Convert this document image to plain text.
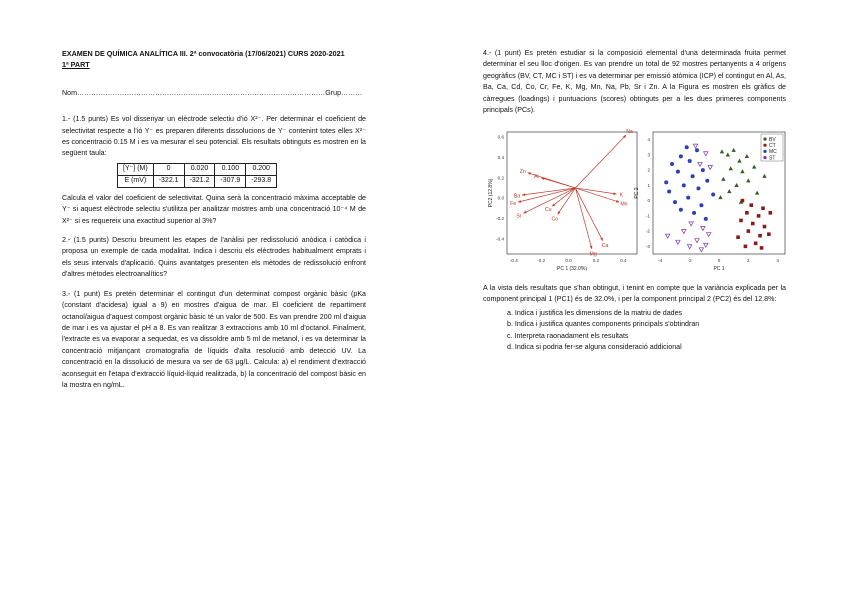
EXAMEN DE QUÍMICA ANALÍTICA III. 2ª convocatòria (17/06/2021) CURS 2020-2021

1ª PART

Nom……………………………………………………………………………………………Grup………

1.- (1.5 punts) Es vol dissenyar un elèctrode selectiu d'ió X²⁻. Per determinar el coeficient de selectivitat respecte a l'ió Y⁻ es preparen diferents dissolucions de Y⁻ contenint totes elles X²⁻ es concentració 0.15 M i es va mesurar el seu potencial. Els resultats obtinguts es mostren en la següent taula:

[Y⁻] (M)	0	0.020	0.100	0.200
E (mV)	-322.1	-321.2	-307.9	-293.8

Calcula el valor del coeficient de selectivitat. Quina serà la concentració màxima acceptable de Y⁻ si aquest elèctrode selectiu s'utilitza per analitzar mostres amb una concentració 10⁻⁴ M de X²⁻ si es requereix una exactitud superior al 3%?

2.- (1.5 punts) Descriu breument les etapes de l'anàlisi per redissolució anòdica i catòdica i proposa un exemple de cada modalitat. Indica i descriu els elèctrodes habitualment emprats i els seus intervals d'aplicació. Quins avantatges presenten els mètodes de redissolució enfront d'altres mètodes electroanalítics?

3.- (1 punt) Es pretén determinar el contingut d'un determinat compost orgànic bàsic (pKa (constant d'acidesa) igual a 9) en mostres d'aigua de mar. El coeficient de repartiment octanol/aigua d'aquest compost orgànic bàsic té un valor de 500. Es van prendre 200 ml d'aigua de mar i es va ajustar el pH a 8. Es van realitzar 3 extraccions amb 10 ml d'octanol. Finalment, l'extracte es va evaporar a sequedat, es va dissoldre amb 5 ml de metanol, i es va determinar la concentració mitjançant cromatografia de líquids d'alta resolució amb detecció UV. La concentració en la dissolució de mesura va ser de 63 μg/L. Calcula: a) el rendiment d'extracció aconseguit en l'etapa d'extracció líquid-líquid realitzada, b) la concentració del compost bàsic en la mostra en ng/mL.

4.- (1 punt) Es pretén estudiar si la composició elemental d'una determinada fruita permet determinar el seu lloc d'origen. Es van prendre un total de 92 mostres pertanyents a 4 orígens geogràfics (BV, CT, MC i ST) i es va determinar per emissió atòmica (ICP) el contingut en Al, As, Ba, Ca, Cd, Co, Cr, Fe, K, Mg, Mn, Na, Pb, Sr i Zn. A la Figura es mostren els gràfics de càrregues (loadings) i puntuacions (scores) obtinguts per a les dues primeres components principals (PCs).

-0.4	-0.2	0.0	0.2	0.4
0.6
0.4
0.2
0.0
-0.2
-0.4
PC 1 (32.0%)
PC2 (12.8%)
Na
Zn
Al
K
Mn
Ba
Fe
Sr
Cu
Co
Ca
Mg
-4	-2	0	2	4
4
3
2
1
0
-1
-2
-3
PC 1
PC 2
BV
CT
MC
ST

A la vista dels resultats que s'han obtingut, i tenint en compte que la variància explicada per la component principal 1 (PC1) és de 32.0%, i per la component principal 2 (PC2) és del 12.8%:

a. Indica i justifica les dimensions de la matriu de dades
b. Indica i justifica quantes components principals s'obtindran
c. Interpreta raonadament els resultats
d. Indica si podria fer-se alguna consideració addicional
